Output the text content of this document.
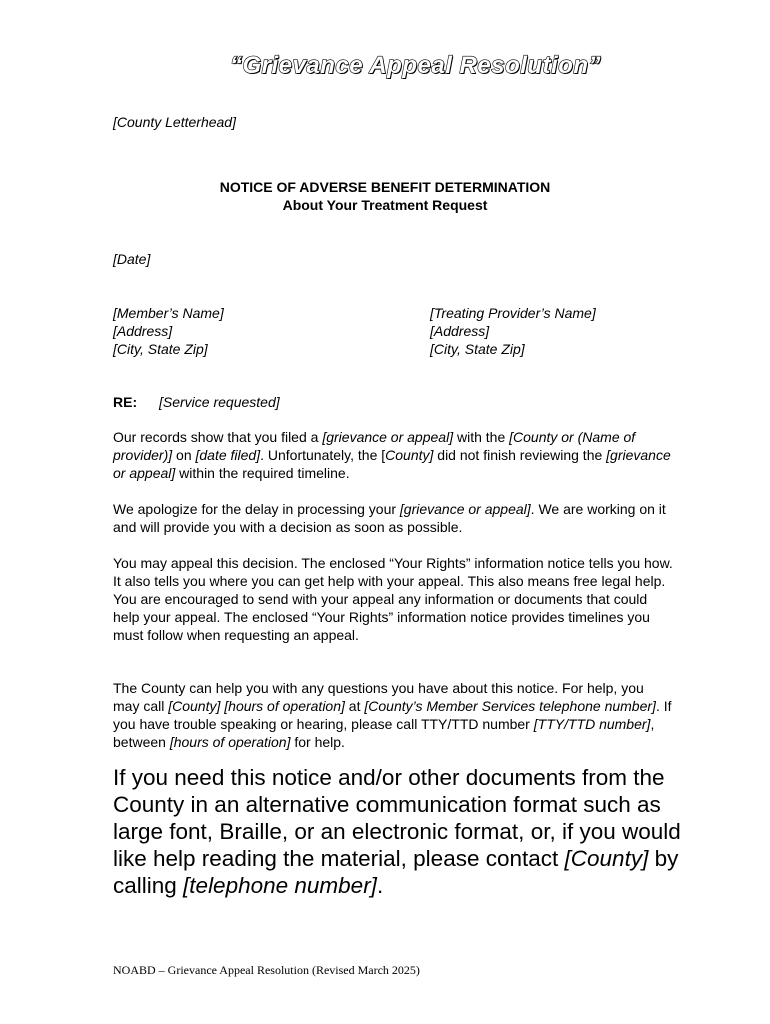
“Grievance Appeal Resolution”
[County Letterhead]
NOTICE OF ADVERSE BENEFIT DETERMINATION
About Your Treatment Request
[Date]
[Member’s Name]
[Address]
[City, State Zip]
[Treating Provider’s Name]
[Address]
[City, State Zip]
RE: [Service requested]
Our records show that you filed a [grievance or appeal] with the [County or (Name of provider)] on [date filed]. Unfortunately, the [County] did not finish reviewing the [grievance or appeal] within the required timeline.
We apologize for the delay in processing your [grievance or appeal]. We are working on it and will provide you with a decision as soon as possible.
You may appeal this decision. The enclosed “Your Rights” information notice tells you how. It also tells you where you can get help with your appeal. This also means free legal help. You are encouraged to send with your appeal any information or documents that could help your appeal. The enclosed “Your Rights” information notice provides timelines you must follow when requesting an appeal.
The County can help you with any questions you have about this notice. For help, you may call [County] [hours of operation] at [County’s Member Services telephone number]. If you have trouble speaking or hearing, please call TTY/TTD number [TTY/TTD number], between [hours of operation] for help.
If you need this notice and/or other documents from the County in an alternative communication format such as large font, Braille, or an electronic format, or, if you would like help reading the material, please contact [County] by calling [telephone number].
NOABD – Grievance Appeal Resolution (Revised March 2025)
